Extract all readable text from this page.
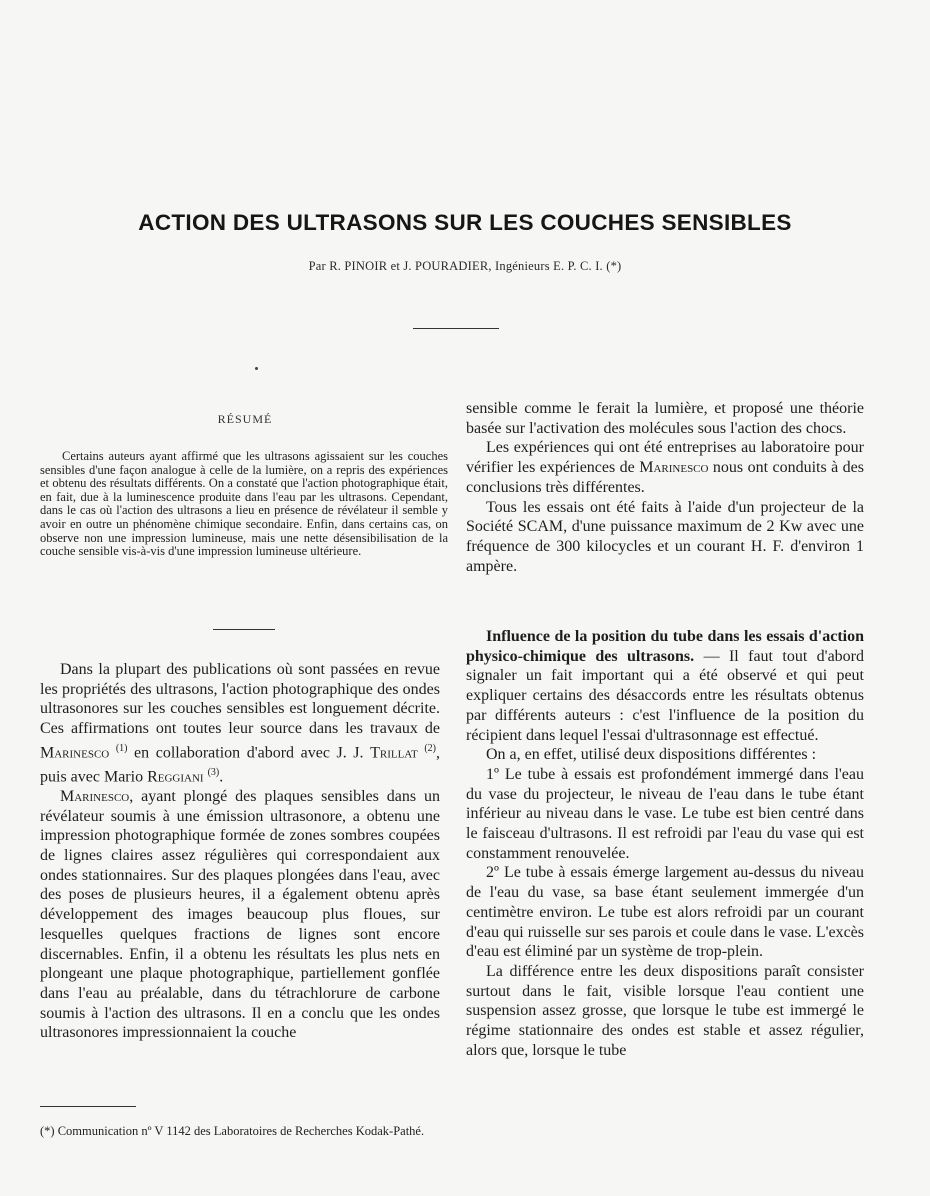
ACTION DES ULTRASONS SUR LES COUCHES SENSIBLES
Par R. PINOIR et J. POURADIER, Ingénieurs E. P. C. I. (*)
RÉSUMÉ

Certains auteurs ayant affirmé que les ultrasons agissaient sur les couches sensibles d'une façon analogue à celle de la lumière, on a repris des expériences et obtenu des résultats différents. On a constaté que l'action photographique était, en fait, due à la luminescence produite dans l'eau par les ultrasons. Cependant, dans le cas où l'action des ultrasons a lieu en présence de révélateur il semble y avoir en outre un phénomène chimique secondaire. Enfin, dans certains cas, on observe non une impression lumineuse, mais une nette désensibilisation de la couche sensible vis-à-vis d'une impression lumineuse ultérieure.

Dans la plupart des publications où sont passées en revue les propriétés des ultrasons, l'action photographique des ondes ultrasonores sur les couches sensibles est longuement décrite. Ces affirmations ont toutes leur source dans les travaux de Marinesco $^{(1)}$ en collaboration d'abord avec J. J. Trillat $^{(2)}$, puis avec Mario Reggiani $^{(3)}$.

Marinesco, ayant plongé des plaques sensibles dans un révélateur soumis à une émission ultrasonore, a obtenu une impression photographique formée de zones sombres coupées de lignes claires assez régulières qui correspondaient aux ondes stationnaires. Sur des plaques plongées dans l'eau, avec des poses de plusieurs heures, il a également obtenu après développement des images beaucoup plus floues, sur lesquelles quelques fractions de lignes sont encore discernables. Enfin, il a obtenu les résultats les plus nets en plongeant une plaque photographique, partiellement gonflée dans l'eau au préalable, dans du tétrachlorure de carbone soumis à l'action des ultrasons. Il en a conclu que les ondes ultrasonores impressionnaient la couche

(*) Communication nº V 1142 des Laboratoires de Recherches Kodak-Pathé.

sensible comme le ferait la lumière, et proposé une théorie basée sur l'activation des molécules sous l'action des chocs.

Les expériences qui ont été entreprises au laboratoire pour vérifier les expériences de Marinesco nous ont conduits à des conclusions très différentes.

Tous les essais ont été faits à l'aide d'un projecteur de la Société SCAM, d'une puissance maximum de 2 Kw avec une fréquence de 300 kilocycles et un courant H. F. d'environ 1 ampère.

Influence de la position du tube dans les essais d'action physico-chimique des ultrasons. — Il faut tout d'abord signaler un fait important qui a été observé et qui peut expliquer certains des désaccords entre les résultats obtenus par différents auteurs : c'est l'influence de la position du récipient dans lequel l'essai d'ultrasonnage est effectué.

On a, en effet, utilisé deux dispositions différentes :

1º Le tube à essais est profondément immergé dans l'eau du vase du projecteur, le niveau de l'eau dans le tube étant inférieur au niveau dans le vase. Le tube est bien centré dans le faisceau d'ultrasons. Il est refroidi par l'eau du vase qui est constamment renouvelée.

2º Le tube à essais émerge largement au-dessus du niveau de l'eau du vase, sa base étant seulement immergée d'un centimètre environ. Le tube est alors refroidi par un courant d'eau qui ruisselle sur ses parois et coule dans le vase. L'excès d'eau est éliminé par un système de trop-plein.

La différence entre les deux dispositions paraît consister surtout dans le fait, visible lorsque l'eau contient une suspension assez grosse, que lorsque le tube est immergé le régime stationnaire des ondes est stable et assez régulier, alors que, lorsque le tube
